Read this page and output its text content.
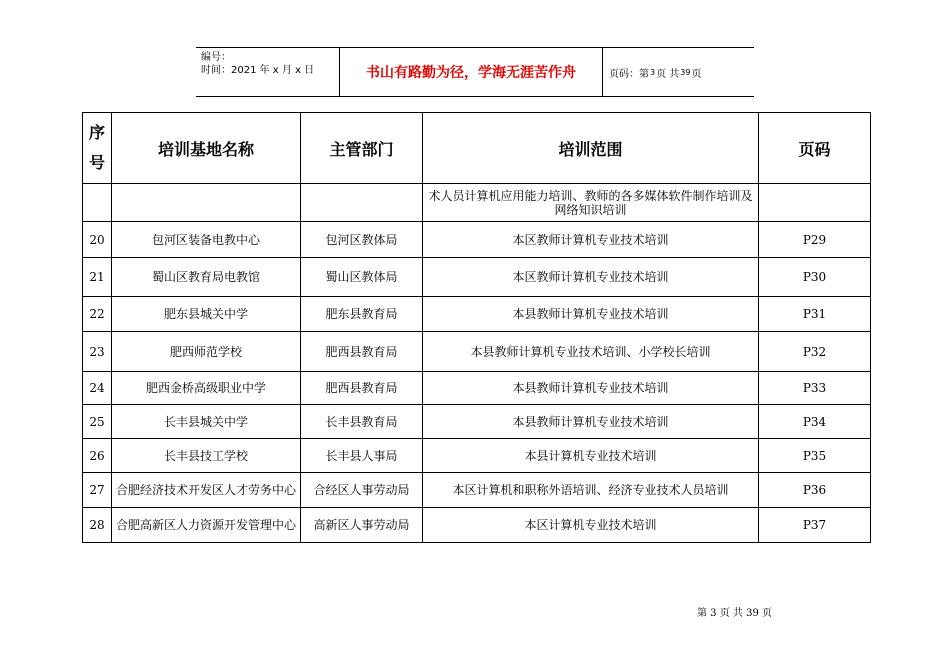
编号：
时间：2021 年 x 月 x 日	书山有路勤为径，学海无涯苦作舟	页码： 第 3 页 共 39 页
序
号	培训基地名称	主管部门	培训范围	页码
			术人员计算机应用能力培训、教师的各多媒体软件制作培训及网络知识培训	
20	包河区装备电教中心	包河区教体局	本区教师计算机专业技术培训	P29
21	蜀山区教育局电教馆	蜀山区教体局	本区教师计算机专业技术培训	P30
22	肥东县城关中学	肥东县教育局	本县教师计算机专业技术培训	P31
23	肥西师范学校	肥西县教育局	本县教师计算机专业技术培训、小学校长培训	P32
24	肥西金桥高级职业中学	肥西县教育局	本县教师计算机专业技术培训	P33
25	长丰县城关中学	长丰县教育局	本县教师计算机专业技术培训	P34
26	长丰县技工学校	长丰县人事局	本县计算机专业技术培训	P35
27	合肥经济技术开发区人才劳务中心	合经区人事劳动局	本区计算机和职称外语培训、经济专业技术人员培训	P36
28	合肥高新区人力资源开发管理中心	高新区人事劳动局	本区计算机专业技术培训	P37
第 3 页 共 39 页
